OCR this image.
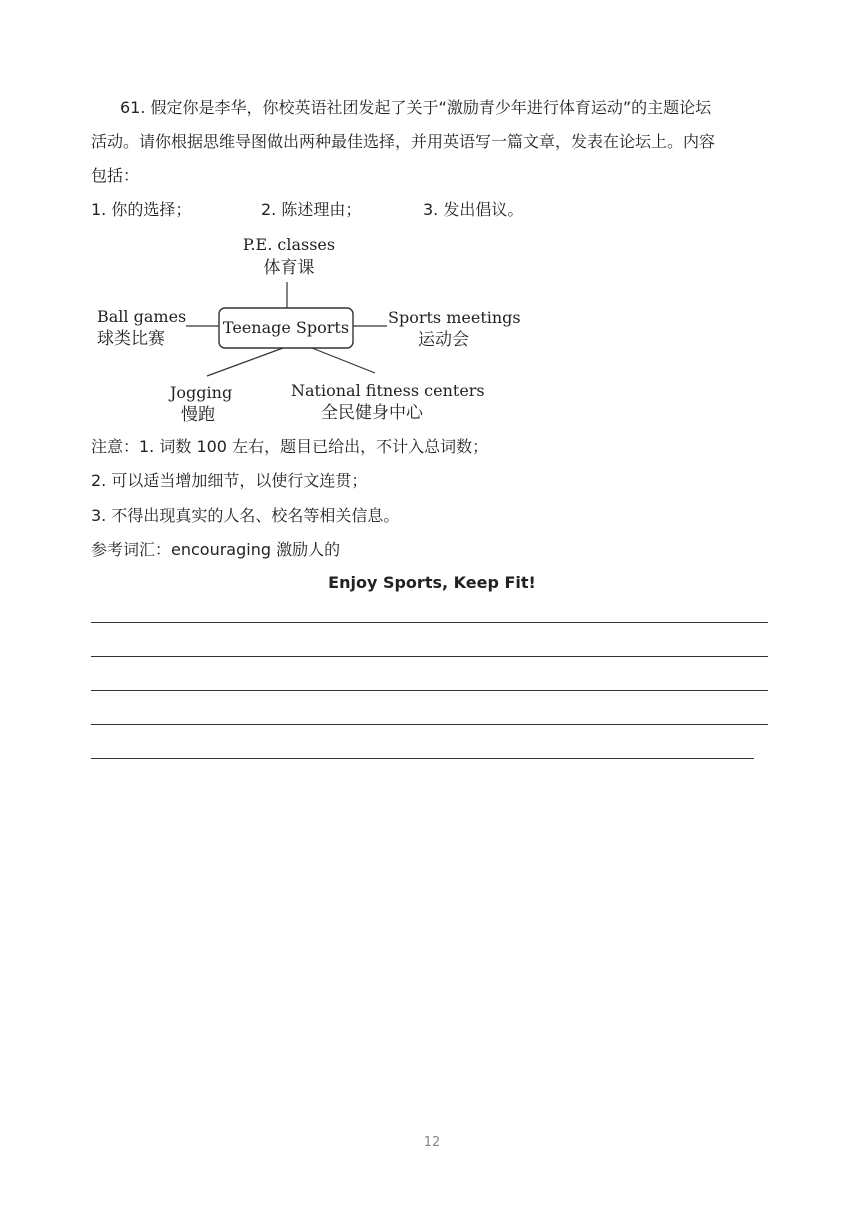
61. 假定你是李华，你校英语社团发起了关于“激励青少年进行体育运动”的主题论坛
活动。请你根据思维导图做出两种最佳选择，并用英语写一篇文章，发表在论坛上。内容
包括：
1. 你的选择；	2. 陈述理由；	3. 发出倡议。
Teenage Sports
P.E. classes
体育课
Ball games
球类比赛
Sports meetings
运动会
Jogging
慢跑
National fitness centers
全民健身中心
注意：1. 词数 100 左右，题目已给出，不计入总词数；
2. 可以适当增加细节，以使行文连贯；
3. 不得出现真实的人名、校名等相关信息。
参考词汇：encouraging 激励人的
Enjoy Sports, Keep Fit!
12
